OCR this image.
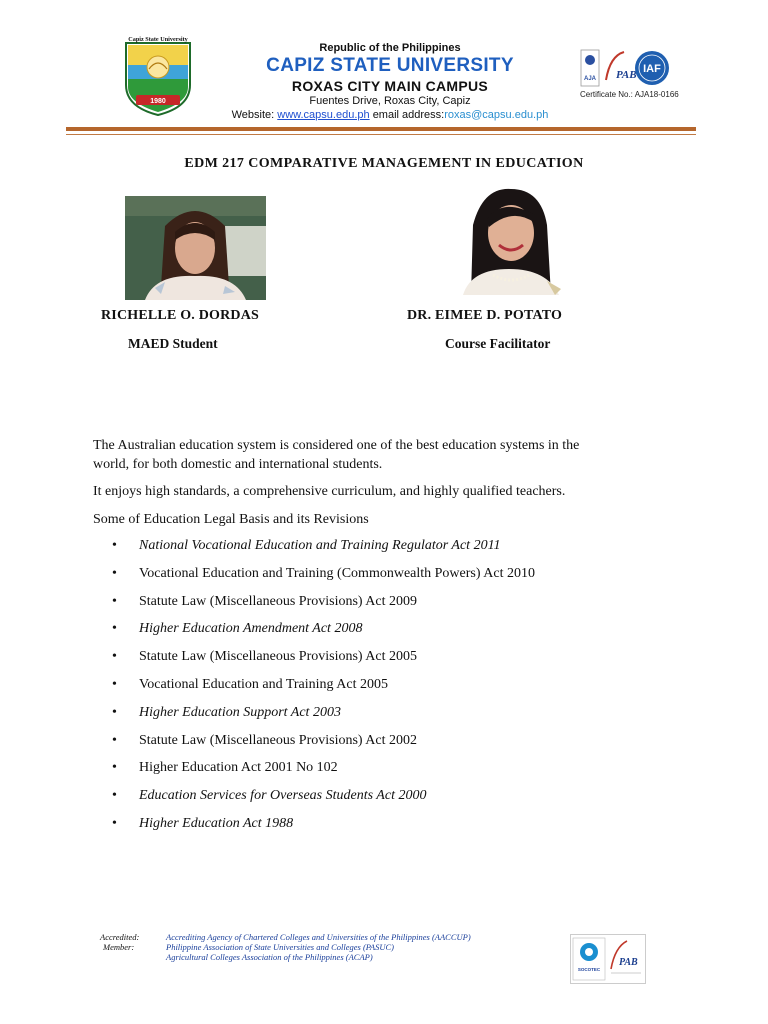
1980
Capiz State University
Republic of the Philippines
CAPIZ STATE UNIVERSITY
ROXAS CITY MAIN CAMPUS
Fuentes Drive, Roxas City, Capiz
Website: www.capsu.edu.ph email address:roxas@capsu.edu.ph
AJA PAB IAF
Certificate No.: AJA18-0166
EDM 217 COMPARATIVE MANAGEMENT IN EDUCATION
RICHELLE O. DORDAS
MAED Student
DR. EIMEE D. POTATO
Course Facilitator
The Australian education system is considered one of the best education systems in the
world, for both domestic and international students.
It enjoys high standards, a comprehensive curriculum, and highly qualified teachers.
Some of Education Legal Basis and its Revisions
•	National Vocational Education and Training Regulator Act 2011
•	Vocational Education and Training (Commonwealth Powers) Act 2010
•	Statute Law (Miscellaneous Provisions) Act 2009
•	Higher Education Amendment Act 2008
•	Statute Law (Miscellaneous Provisions) Act 2005
•	Vocational Education and Training Act 2005
•	Higher Education Support Act 2003
•	Statute Law (Miscellaneous Provisions) Act 2002
•	Higher Education Act 2001 No 102
•	Education Services for Overseas Students Act 2000
•	Higher Education Act 1988
Accredited:
Member:
Accrediting Agency of Chartered Colleges and Universities of the Philippines (AACCUP)
Philippine Association of State Universities and Colleges (PASUC)
Agricultural Colleges Association of the Philippines (ACAP)
SOCOTEC
PAB
